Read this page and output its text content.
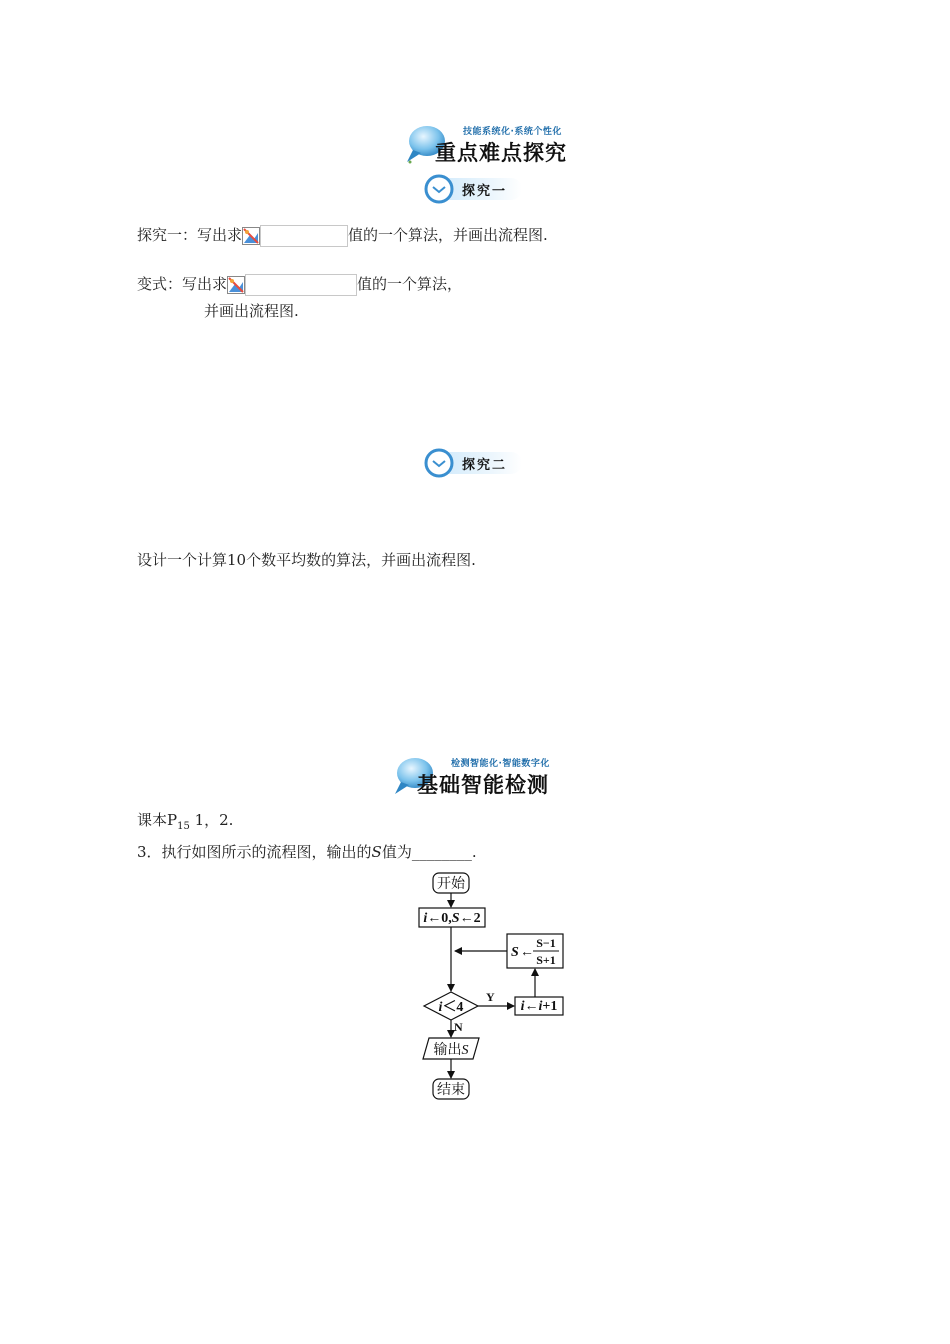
技能系统化·系统个性化
重点难点探究
探究一
探究一：写出求	值的一个算法，并画出流程图.
变式：写出求	值的一个算法，
并画出流程图.
探究二
设计一个计算10个数平均数的算法，并画出流程图.
检测智能化·智能数字化
基础智能检测
课本$P_{15}$ 1，2.
3．执行如图所示的流程图，输出的S值为________.
开始
i←0,S←2
S ←
S−1
S+1
i＜4
Y
i←i+1
N
输出S
结束
